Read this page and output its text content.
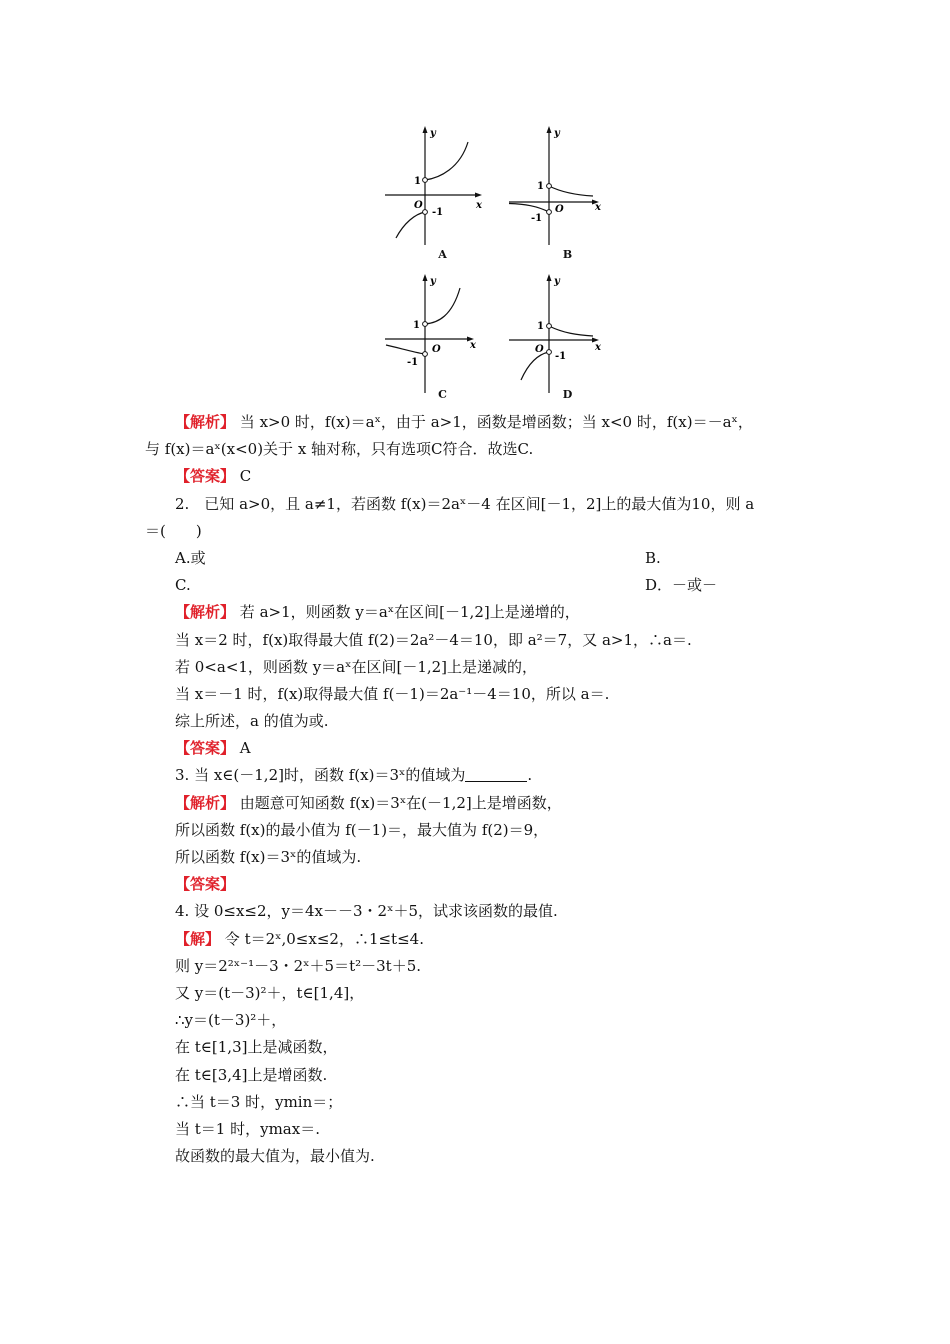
y
x
O
1
-1
A
y
x
O
1
-1
B
y
x
O
1
-1
C
y
x
O
1
-1
D
【解析】 当 x>0 时，f(x)＝aˣ，由于 a>1，函数是增函数；当 x<0 时，f(x)＝－aˣ，
与 f(x)＝aˣ(x<0)关于 x 轴对称，只有选项C符合．故选C.
【答案】 C
2.　已知 a>0，且 a≠1，若函数 f(x)＝2aˣ－4 在区间[－1，2]上的最大值为10，则 a
＝(　　)
A.或	B.
C.	D．－或－
【解析】 若 a>1，则函数 y＝aˣ在区间[－1,2]上是递增的，
当 x＝2 时，f(x)取得最大值 f(2)＝2a²－4＝10，即 a²＝7，又 a>1，∴a＝.
若 0<a<1，则函数 y＝aˣ在区间[－1,2]上是递减的，
当 x＝－1 时，f(x)取得最大值 f(－1)＝2a⁻¹－4＝10，所以 a＝.
综上所述，a 的值为或.
【答案】 A
3. 当 x∈(－1,2]时，函数 f(x)＝3ˣ的值域为	.
【解析】 由题意可知函数 f(x)＝3ˣ在(－1,2]上是增函数，
所以函数 f(x)的最小值为 f(－1)＝，最大值为 f(2)＝9，
所以函数 f(x)＝3ˣ的值域为.
【答案】
4. 设 0≤x≤2，y＝4x－－3・2ˣ＋5，试求该函数的最值.
【解】 令 t＝2ˣ,0≤x≤2，∴1≤t≤4.
则 y＝2²ˣ⁻¹－3・2ˣ＋5＝t²－3t＋5.
又 y＝(t－3)²＋，t∈[1,4]，
∴y＝(t－3)²＋，
在 t∈[1,3]上是减函数，
在 t∈[3,4]上是增函数.
∴当 t＝3 时，ymin＝；
当 t＝1 时，ymax＝.
故函数的最大值为，最小值为.
